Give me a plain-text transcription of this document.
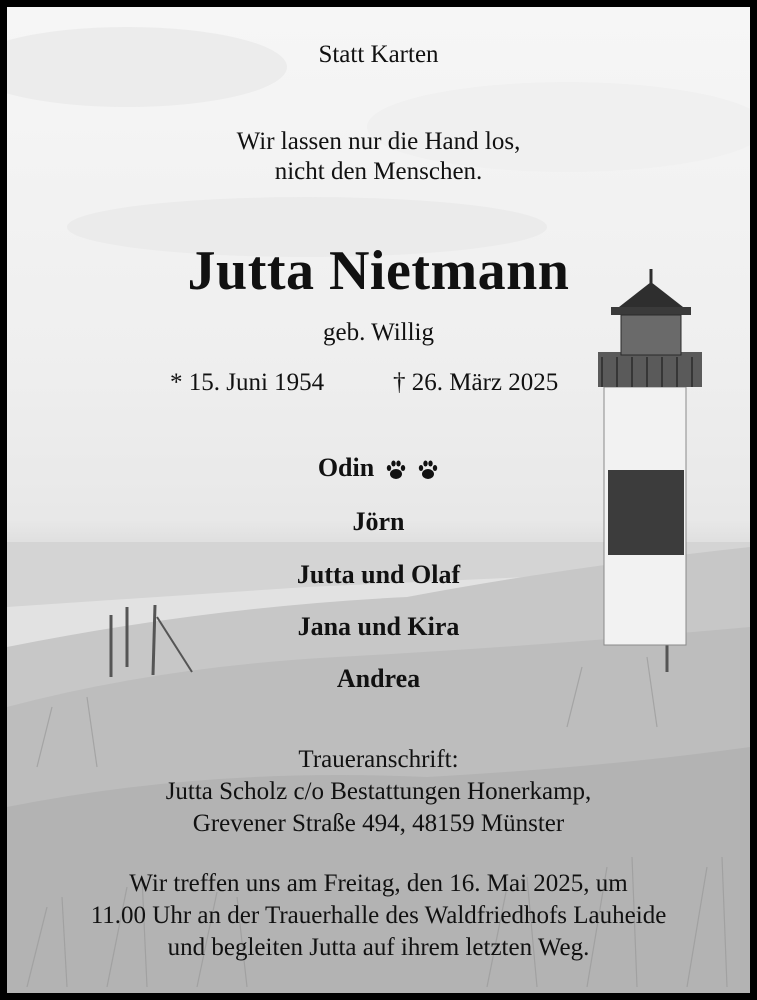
Statt Karten
Wir lassen nur die Hand los,
nicht den Menschen.
Jutta Nietmann
geb. Willig
* 15. Juni 1954	† 26. März 2025
Odin
Jörn
Jutta und Olaf
Jana und Kira
Andrea
Traueranschrift:
Jutta Scholz c/o Bestattungen Honerkamp,
Grevener Straße 494, 48159 Münster
Wir treffen uns am Freitag, den 16. Mai 2025, um
11.00 Uhr an der Trauerhalle des Waldfriedhofs Lauheide
und begleiten Jutta auf ihrem letzten Weg.
